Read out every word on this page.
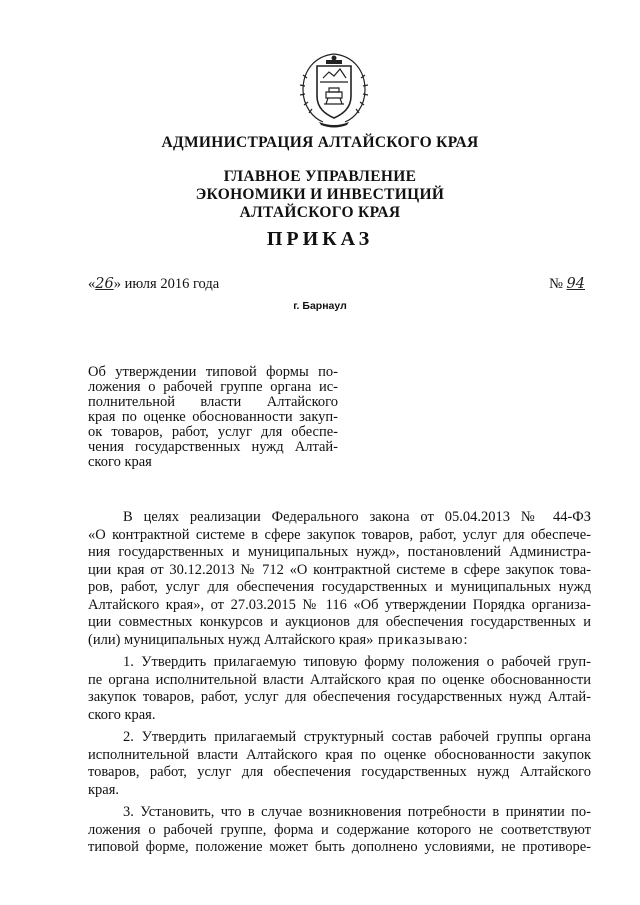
АДМИНИСТРАЦИЯ АЛТАЙСКОГО КРАЯ
ГЛАВНОЕ УПРАВЛЕНИЕ
ЭКОНОМИКИ И ИНВЕСТИЦИЙ
АЛТАЙСКОГО КРАЯ
ПРИКАЗ
«26» июля 2016 года	№ 94
г. Барнаул
Об утверждении типовой формы по-
ложения о рабочей группе органа ис-
полнительной власти Алтайского
края по оценке обоснованности закуп-
ок товаров, работ, услуг для обеспе-
чения государственных нужд Алтай-
ского края

В целях реализации Федерального закона от 05.04.2013 № 44-ФЗ
«О контрактной системе в сфере закупок товаров, работ, услуг для обеспече-
ния государственных и муниципальных нужд», постановлений Администра-
ции края от 30.12.2013 № 712 «О контрактной системе в сфере закупок това-
ров, работ, услуг для обеспечения государственных и муниципальных нужд
Алтайского края», от 27.03.2015 № 116 «Об утверждении Порядка организа-
ции совместных конкурсов и аукционов для обеспечения государственных и
(или) муниципальных нужд Алтайского края» приказываю:

1. Утвердить прилагаемую типовую форму положения о рабочей груп-
пе органа исполнительной власти Алтайского края по оценке обоснованности
закупок товаров, работ, услуг для обеспечения государственных нужд Алтай-
ского края.

2. Утвердить прилагаемый структурный состав рабочей группы органа
исполнительной власти Алтайского края по оценке обоснованности закупок
товаров, работ, услуг для обеспечения государственных нужд Алтайского
края.

3. Установить, что в случае возникновения потребности в принятии по-
ложения о рабочей группе, форма и содержание которого не соответствуют
типовой форме, положение может быть дополнено условиями, не противоре-
